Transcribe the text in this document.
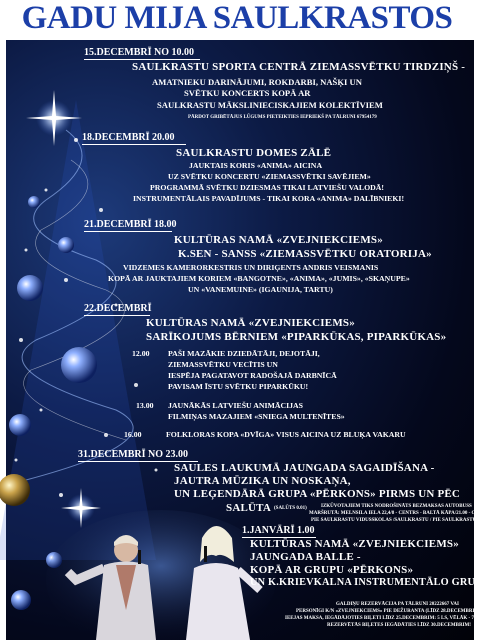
GADU MIJA SAULKRASTOS
15.DECEMBRĪ NO 10.00
SAULKRASTU SPORTA CENTRĀ ZIEMASSVĒTKU TIRDZIŅŠ -
AMATNIEKU DARINĀJUMI, ROKDARBI, NAŠĶI UN
SVĒTKU KONCERTS KOPĀ AR
SAULKRASTU MĀKSLINIECISKAJIEM KOLEKTĪVIEM
PĀRDOT GRIBĒTĀJUS LŪGUMS PIETEIKTIES IEPRIEKŠ PA TĀLRUNI 67954179
18.DECEMBRĪ 20.00
SAULKRASTU DOMES ZĀLĒ
JAUKTAIS KORIS «ANIMA» AICINA
UZ SVĒTKU KONCERTU «ZIEMASSVĒTKI SAVĒJIEM»
PROGRAMMĀ SVĒTKU DZIESMAS TIKAI LATVIEŠU VALODĀ!
INSTRUMENTĀLAIS PAVADĪJUMS - TIKAI KORA «ANIMA» DALĪBNIEKI!
21.DECEMBRĪ 18.00
KULTŪRAS NAMĀ «ZVEJNIEKCIEMS»
K.SEN - SANSS «ZIEMASSVĒTKU ORATORIJA»
VIDZEMES KAMERORKESTRIS UN DIRIĢENTS ANDRIS VEISMANIS
KOPĀ AR JAUKTAJIEM KORIEM «BANGOTNE», «ANIMA», «JUMIS», «SKAŅUPE»
UN «VANEMUINE» (IGAUNIJA, TARTU)
22.DECEMBRĪ
KULTŪRAS NAMĀ «ZVEJNIEKCIEMS»
SARĪKOJUMS BĒRNIEM «PIPARKŪKAS, PIPARKŪKAS»
12.00 PAŠI MAZĀKIE DZIEDĀTĀJI, DEJOTĀJI,
ZIEMASSVĒTKU VECĪTIS UN
IESPĒJA PAGATAVOT RADOŠAJĀ DARBNĪCĀ
PAVISAM ĪSTU SVĒTKU PIPARKŪKU!
13.00 JAUNĀKĀS LATVIEŠU ANIMĀCIJAS
FILMIŅAS MAZAJIEM «SNIEGA MULTENĪTES»
16.00	FOLKLORAS KOPA «DVĪGA» VISUS AICINA UZ BLUĶA VAKARU
31.DECEMBRĪ NO 23.00
SAULES LAUKUMĀ JAUNGADA SAGAIDĪŠANA -
JAUTRA MŪZIKA UN NOSKAŅA,
UN LEĢENDĀRĀ GRUPA «PĒRKONS» PIRMS UN PĒC
SALŪTA (SALŪTS 0.01)	IZKŪVOTAJIEM TIKS NODROŠINĀTS BEZMAKSAS AUTOBUSS
MARŠRUTĀ: MELNSILA IELA 22,4/8 - CENTRS - BALTĀ KĀPA/21.00 - CENTRS /
PIE SAULKRASTU VIDUSSKOLAS /SAULKRASTU / PIE SAULKRASTU ATPŪTAS /
1.JANVĀRĪ 1.00
KULTŪRAS NAMĀ «ZVEJNIEKCIEMS»
JAUNGADA BALLE -
KOPĀ AR GRUPU «PĒRKONS»
UN K.KRIEVKALNA INSTRUMENTĀLO GRUPU
GALDIŅU REZERVĀCIJA PA TĀLRUNI 20222667 VAI
PERSONĪGI K/N «ZVEJNIEKCIEMS» PIE DEŽURANTA (LĪDZ 28.DECEMBRIM).
IEEJAS MAKSA, IEGĀDĀJOTIES BIĻETI LĪDZ 25.DECEMBRIM: 5 LS, VĒLĀK - 7 LS.
REZERVĒTĀS BIĻETES IEGĀDĀTIES LĪDZ 30.DECEMBRIM!
